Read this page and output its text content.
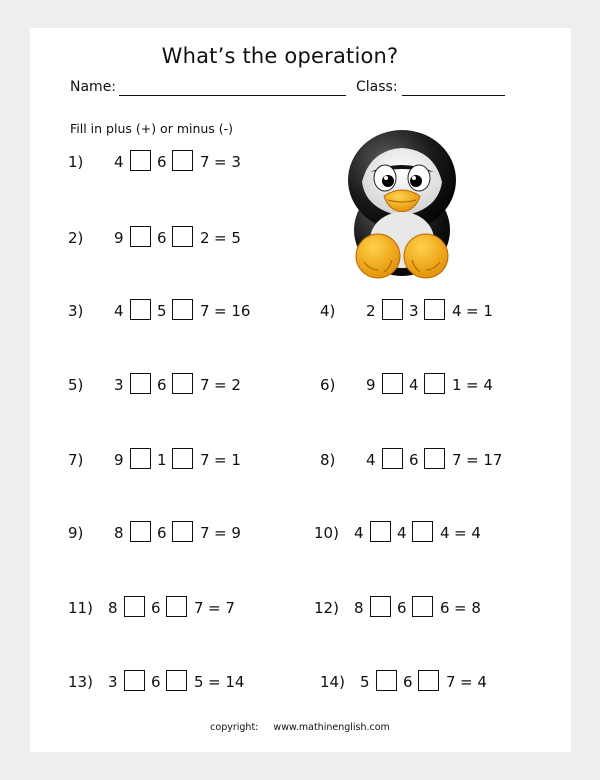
What’s the operation?
Name:	Class:
Fill in plus (+) or minus (-)
1) 4 6 7 = 3
2) 9 6 2 = 5
3) 4 5 7 = 16	4) 2 3 4 = 1
5) 3 6 7 = 2	6) 9 4 1 = 4
7) 9 1 7 = 1	8) 4 6 7 = 17
9) 8 6 7 = 9	10) 4 4 4 = 4
11) 8 6 7 = 7	12) 8 6 6 = 8
13) 3 6 5 = 14	14) 5 6 7 = 4
copyright: www.mathinenglish.com
